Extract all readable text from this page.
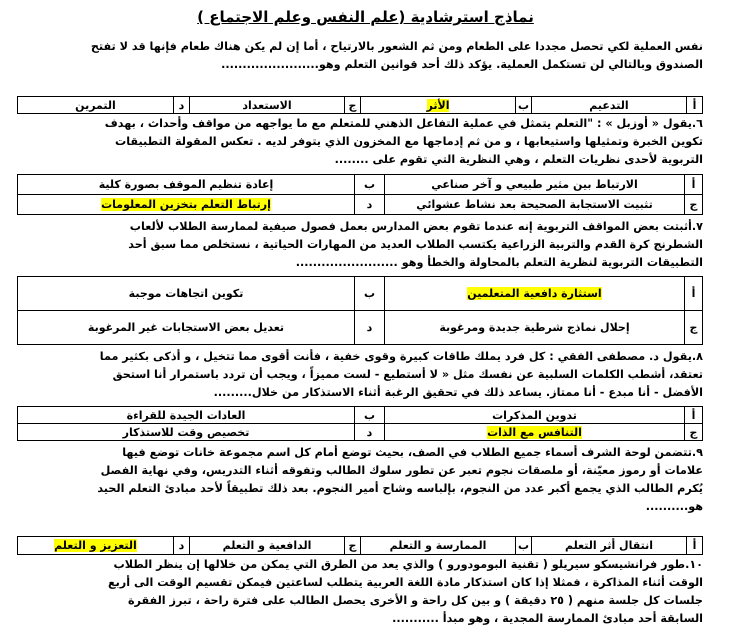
نماذج استرشادية (علم النفس وعلم الاجتماع )
نفس العملية لكي تحصل مجددا على الطعام ومن ثم الشعور بالارتياح ، أما إن لم يكن هناك طعام فإنها قد لا تفتح
الصندوق وبالتالي لن تستكمل العملية. يؤكد ذلك أحد قوانين التعلم وهو.......................
أ	التدعيم	ب	الأثر	ج	الاستعداد	د	التمرين
٦.يقول « أوزبل » : "التعلم يتمثل في عملية التفاعل الذهني للمتعلم مع ما يواجهه من مواقف وأحداث ، بهدف
تكوين الخبرة وتمثيلها واستيعابها ، و من ثم إدماجها مع المخزون الذي يتوفر لديه . تعكس المقولة التطبيقات
التربوية لأحدى نظريات التعلم ، وهي النظرية التي تقوم على ........
أ	الارتباط بين مثير طبيعي و آخر صناعي	ب	إعادة تنظيم الموقف بصورة كلية
ج	تثبيت الاستجابة الصحيحة بعد نشاط عشوائي	د	إرتباط التعلم بتخزين المعلومات
٧.أثبتت بعض المواقف التربوية إنه عندما تقوم بعض المدارس بعمل فصول صيفية لممارسة الطلاب لألعاب
الشطرنج كرة القدم والتربية الزراعية يكتسب الطلاب العديد من المهارات الحياتية ، نستخلص مما سبق أحد
التطبيقات التربوية لنظرية التعلم بالمحاولة والخطأ وهو ........................
أ	استثارة دافعية المتعلمين	ب	تكوين اتجاهات موجبة
ج	إحلال نماذج شرطية جديدة ومرغوبة	د	تعديل بعض الاستجابات غير المرغوبة
٨.يقول د. مصطفى الفقي : كل فرد يملك طاقات كبيرة وقوى خفية ، فأنت أقوى مما تتخيل ، و أذكى بكثير مما
تعتقد، أشطب الكلمات السلبية عن نفسك مثل « لا أستطيع - لست مميزاً ، ويجب أن تردد باستمرار أنا استحق
الأفضل - أنا مبدع - أنا ممتاز. يساعد ذلك في تحقيق الرغبة أثناء الاستذكار من خلال.........
أ	تدوين المذكرات	ب	العادات الجيدة للقراءة
ج	التنافس مع الذات	د	تخصيص وقت للاستذكار
٩.تتضمن لوحة الشرف أسماء جميع الطلاب في الصف، بحيث توضع أمام كل اسم مجموعة خانات توضع فيها
علامات أو رموز معيّنة، أو ملصقات نجوم تعبر عن تطور سلوك الطالب وتفوقه أثناء التدريس، وفي نهاية الفصل
يُكرم الطالب الذي يجمع أكبر عدد من النجوم، بإلباسه وشاح أمير النجوم. بعد ذلك تطبيقاً لأحد مبادئ التعلم الحيد
هو..........
أ	انتقال أثر التعلم	ب	الممارسة و التعلم	ج	الدافعية و التعلم	د	التعزيز و التعلم
١٠.طور فرانشيسكو سيريلو ( تقنية البومودورو ) والذي يعد من الطرق التي يمكن من خلالها إن ينظر الطلاب
الوقت أثناء المذاكرة ، فمثلا إذا كان استذكار مادة اللغة العربية يتطلب لساعتين فيمكن تقسيم الوقت الى أربع
جلسات كل جلسة منهم ( ٢٥ دقيقة ) و بين كل راحة و الأخرى يحصل الطالب على فترة راحة ، تبرز الفقرة
السابقة أحد مبادئ الممارسة المجدية ، وهو مبدأ ...........
